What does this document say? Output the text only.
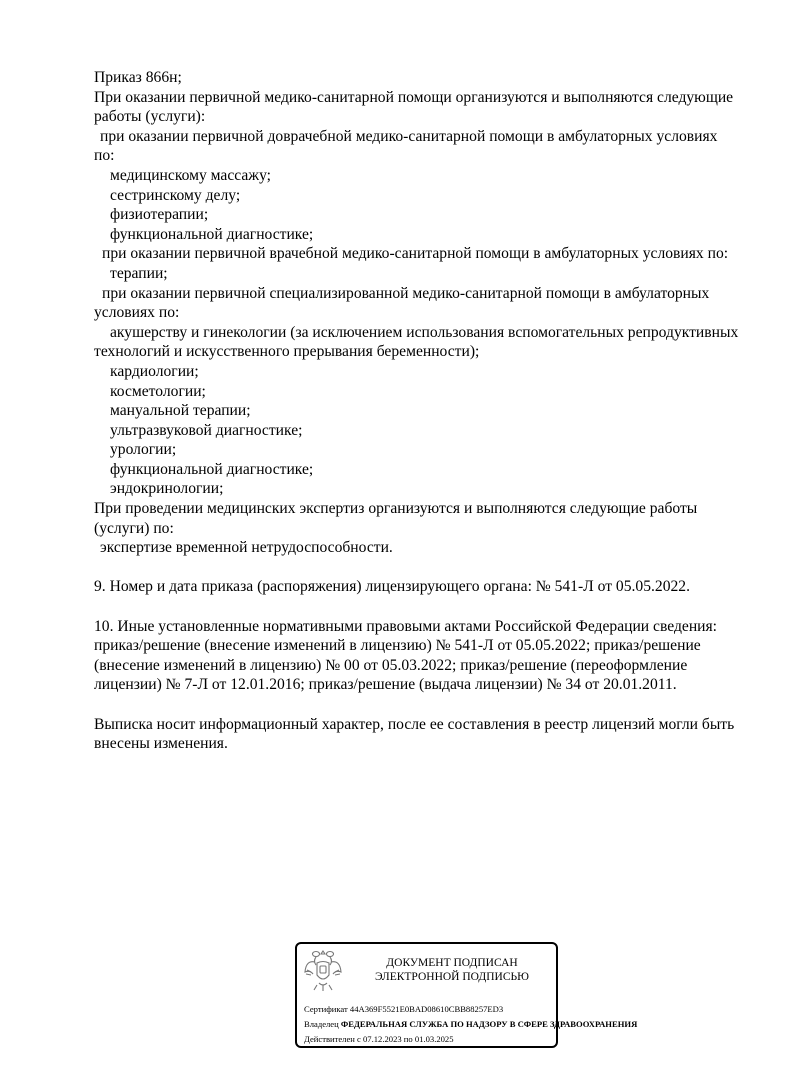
Приказ 866н;
При оказании первичной медико-санитарной помощи организуются и выполняются следующие
работы (услуги):
при оказании первичной доврачебной медико-санитарной помощи в амбулаторных условиях
по:
медицинскому массажу;
сестринскому делу;
физиотерапии;
функциональной диагностике;
при оказании первичной врачебной медико-санитарной помощи в амбулаторных условиях по:
терапии;
при оказании первичной специализированной медико-санитарной помощи в амбулаторных
условиях по:
акушерству и гинекологии (за исключением использования вспомогательных репродуктивных
технологий и искусственного прерывания беременности);
кардиологии;
косметологии;
мануальной терапии;
ультразвуковой диагностике;
урологии;
функциональной диагностике;
эндокринологии;
При проведении медицинских экспертиз организуются и выполняются следующие работы
(услуги) по:
экспертизе временной нетрудоспособности.
9. Номер и дата приказа (распоряжения) лицензирующего органа: № 541-Л от 05.05.2022.
10. Иные установленные нормативными правовыми актами Российской Федерации сведения:
приказ/решение (внесение изменений в лицензию) № 541-Л от 05.05.2022; приказ/решение
(внесение изменений в лицензию) № 00 от 05.03.2022; приказ/решение (переоформление
лицензии) № 7-Л от 12.01.2016; приказ/решение (выдача лицензии) № 34 от 20.01.2011.
Выписка носит информационный характер, после ее составления в реестр лицензий могли быть
внесены изменения.
ДОКУМЕНТ ПОДПИСАН
ЭЛЕКТРОННОЙ ПОДПИСЬЮ
Сертификат 44A369F5521E0BAD08610CBB88257ED3
Владелец ФЕДЕРАЛЬНАЯ СЛУЖБА ПО НАДЗОРУ В СФЕРЕ ЗДРАВООХРАНЕНИЯ
Действителен с 07.12.2023 по 01.03.2025
